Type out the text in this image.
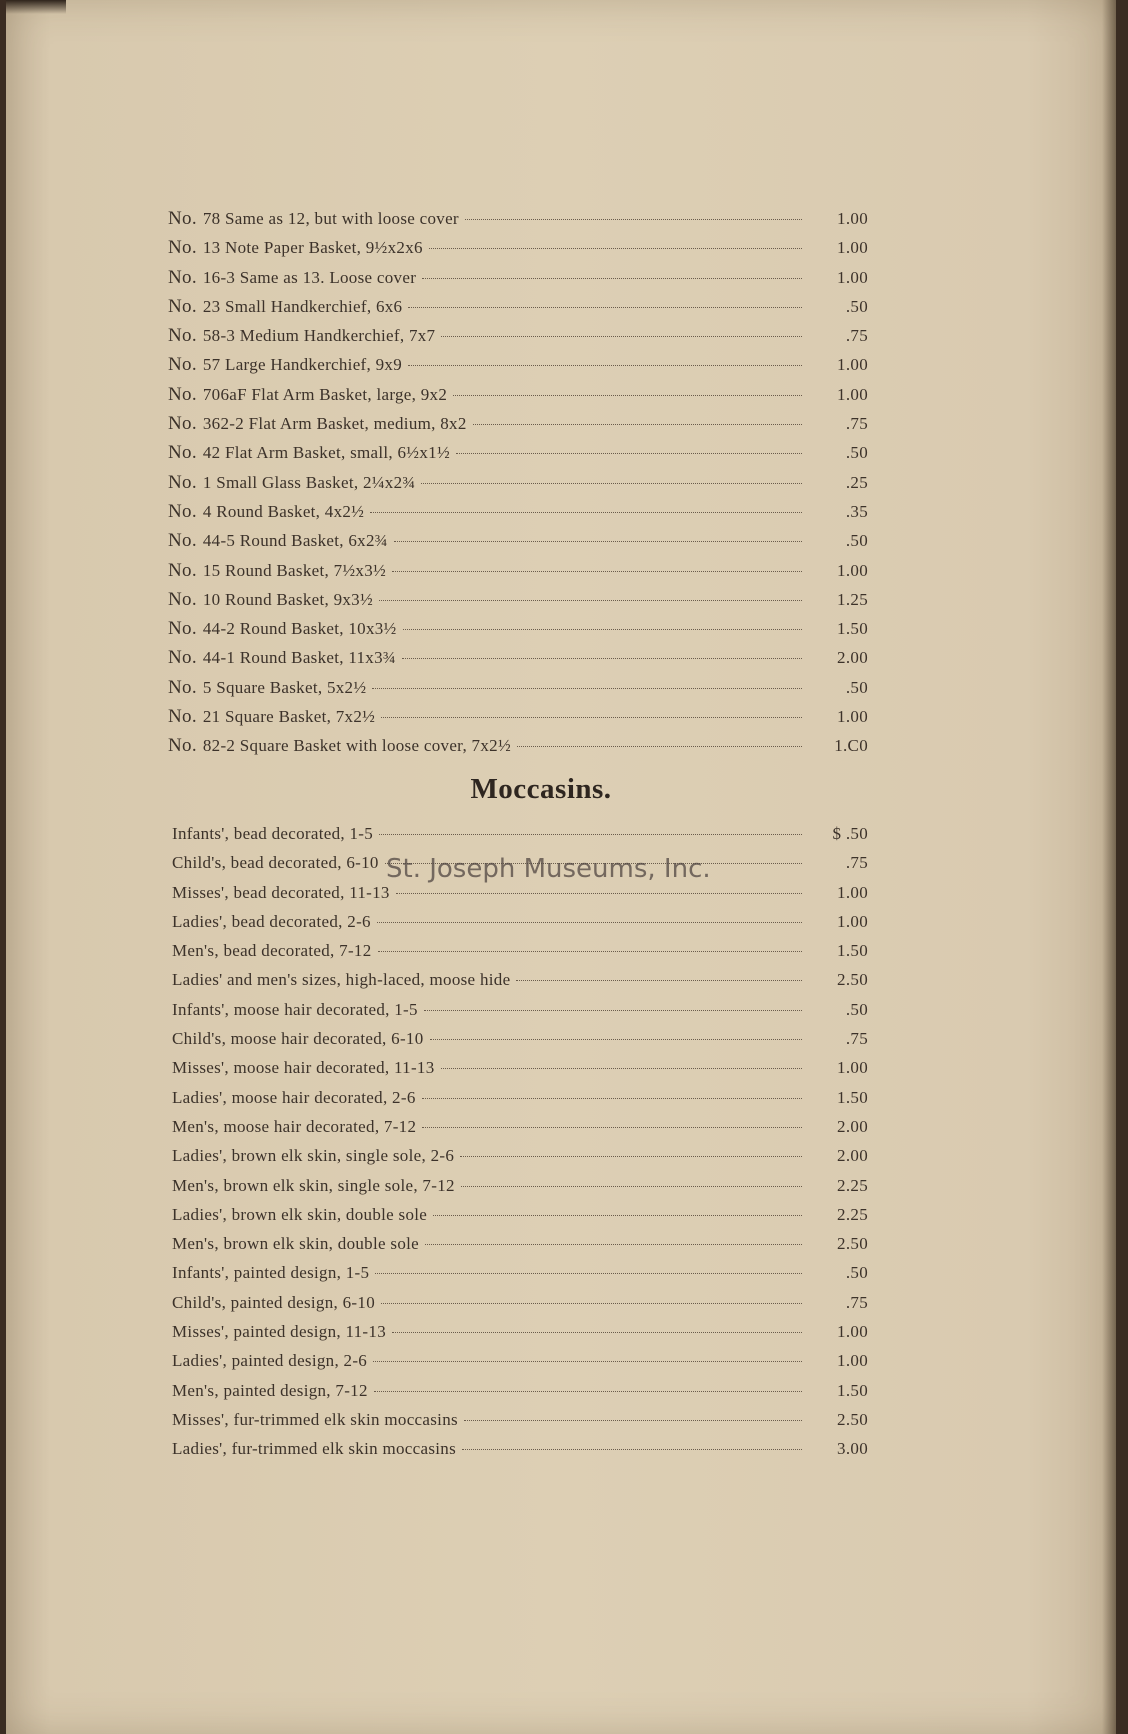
No. 78 Same as 12, but with loose cover	1.00
No. 13 Note Paper Basket, 9½x2x6	1.00
No. 16-3 Same as 13. Loose cover	1.00
No. 23 Small Handkerchief, 6x6	.50
No. 58-3 Medium Handkerchief, 7x7	.75
No. 57 Large Handkerchief, 9x9	1.00
No. 706aF Flat Arm Basket, large, 9x2	1.00
No. 362-2 Flat Arm Basket, medium, 8x2	.75
No. 42 Flat Arm Basket, small, 6½x1½	.50
No. 1 Small Glass Basket, 2¼x2¾	.25
No. 4 Round Basket, 4x2½	.35
No. 44-5 Round Basket, 6x2¾	.50
No. 15 Round Basket, 7½x3½	1.00
No. 10 Round Basket, 9x3½	1.25
No. 44-2 Round Basket, 10x3½	1.50
No. 44-1 Round Basket, 11x3¾	2.00
No. 5 Square Basket, 5x2½	.50
No. 21 Square Basket, 7x2½	1.00
No. 82-2 Square Basket with loose cover, 7x2½	1.C0
Moccasins.
Infants', bead decorated, 1-5	$ .50
Child's, bead decorated, 6-10	.75
Misses', bead decorated, 11-13	1.00
Ladies', bead decorated, 2-6	1.00
Men's, bead decorated, 7-12	1.50
Ladies' and men's sizes, high-laced, moose hide	2.50
Infants', moose hair decorated, 1-5	.50
Child's, moose hair decorated, 6-10	.75
Misses', moose hair decorated, 11-13	1.00
Ladies', moose hair decorated, 2-6	1.50
Men's, moose hair decorated, 7-12	2.00
Ladies', brown elk skin, single sole, 2-6	2.00
Men's, brown elk skin, single sole, 7-12	2.25
Ladies', brown elk skin, double sole	2.25
Men's, brown elk skin, double sole	2.50
Infants', painted design, 1-5	.50
Child's, painted design, 6-10	.75
Misses', painted design, 11-13	1.00
Ladies', painted design, 2-6	1.00
Men's, painted design, 7-12	1.50
Misses', fur-trimmed elk skin moccasins	2.50
Ladies', fur-trimmed elk skin moccasins	3.00
St. Joseph Museums, Inc.
